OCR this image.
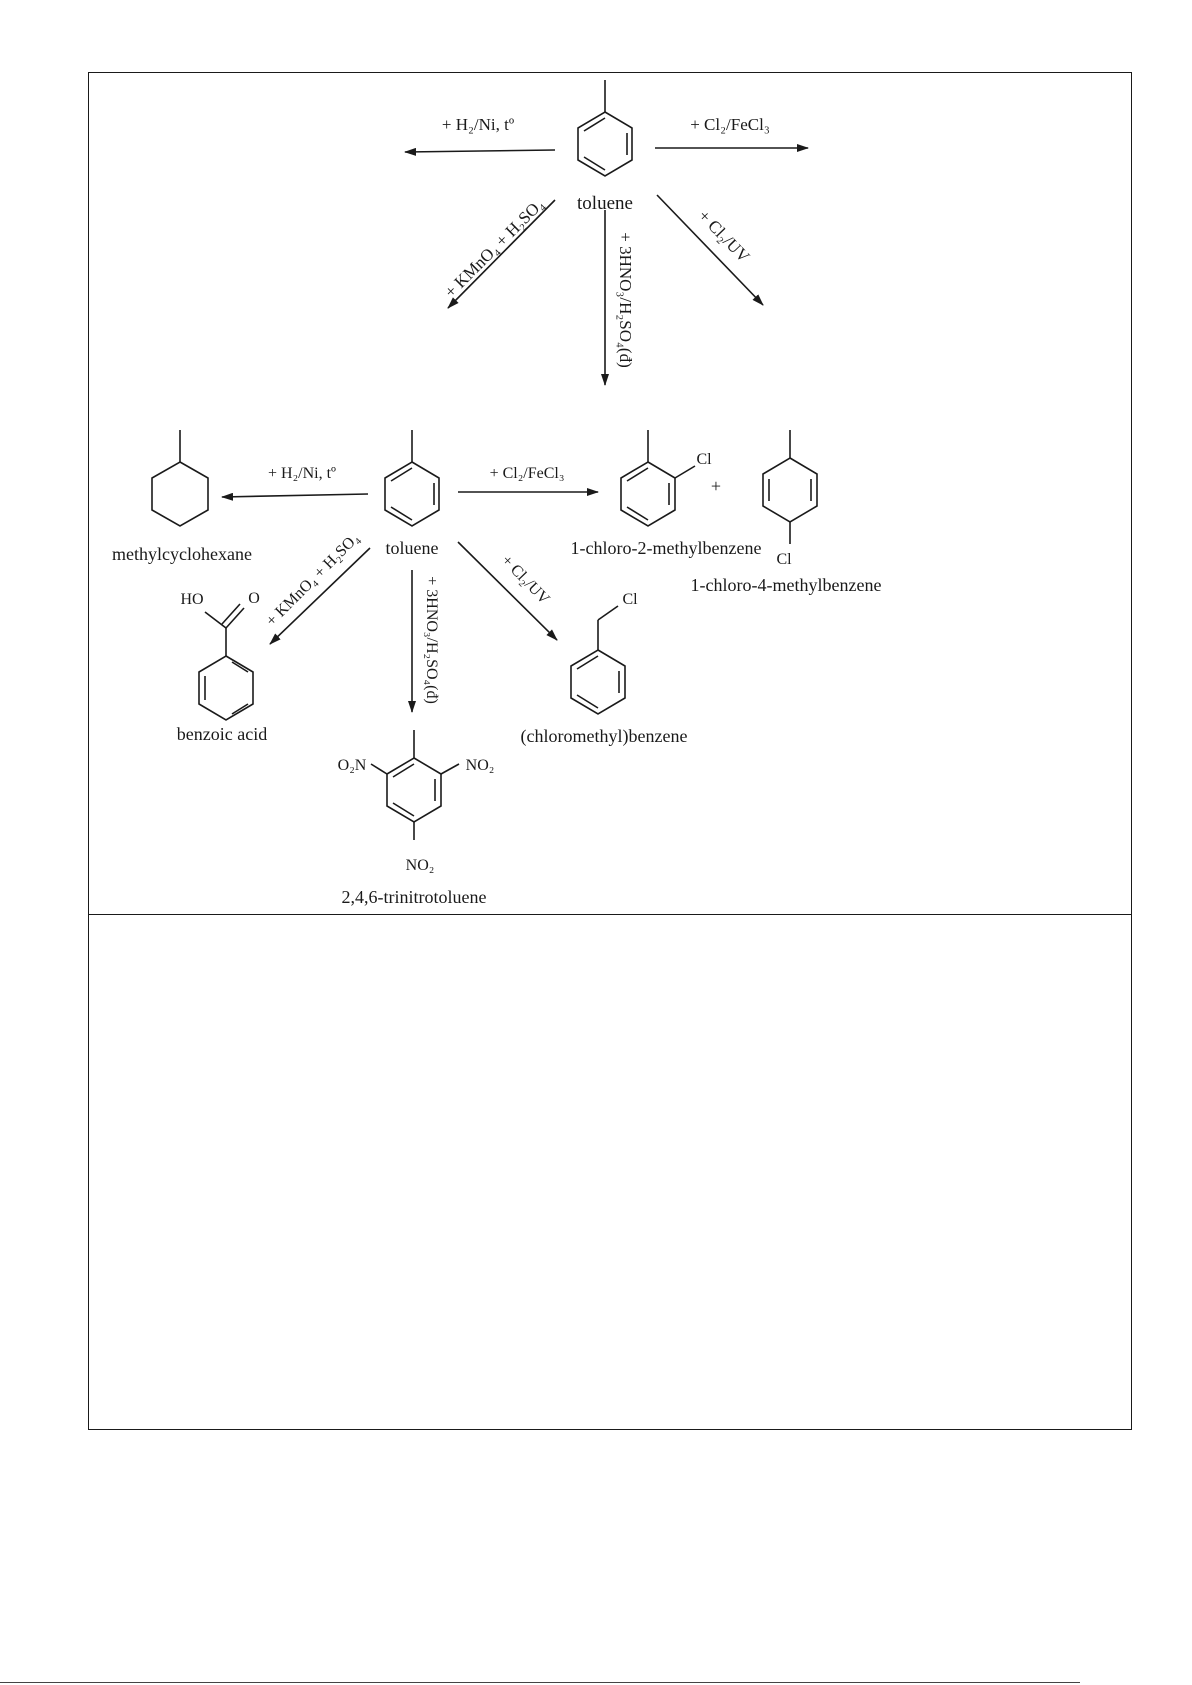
toluene
+ H₂/Ni, tº	+ Cl₂/FeCl₃
+ KMnO₄ + H₂SO₄	+ 3HNO₃/H₂SO₄(đ)	+ Cl₂/UV
toluene
+ H₂/Ni, tº	+ Cl₂/FeCl₃
+ KMnO₄ + H₂SO₄	+ 3HNO₃/H₂SO₄(đ)	+ Cl₂/UV
methylcyclohexane	1-chloro-2-methylbenzene
1-chloro-4-methylbenzene
+
benzoic acid	(chloromethyl)benzene
2,4,6-trinitrotoluene
Cl
Cl
Cl
HO	O
O₂N	NO₂
NO₂
